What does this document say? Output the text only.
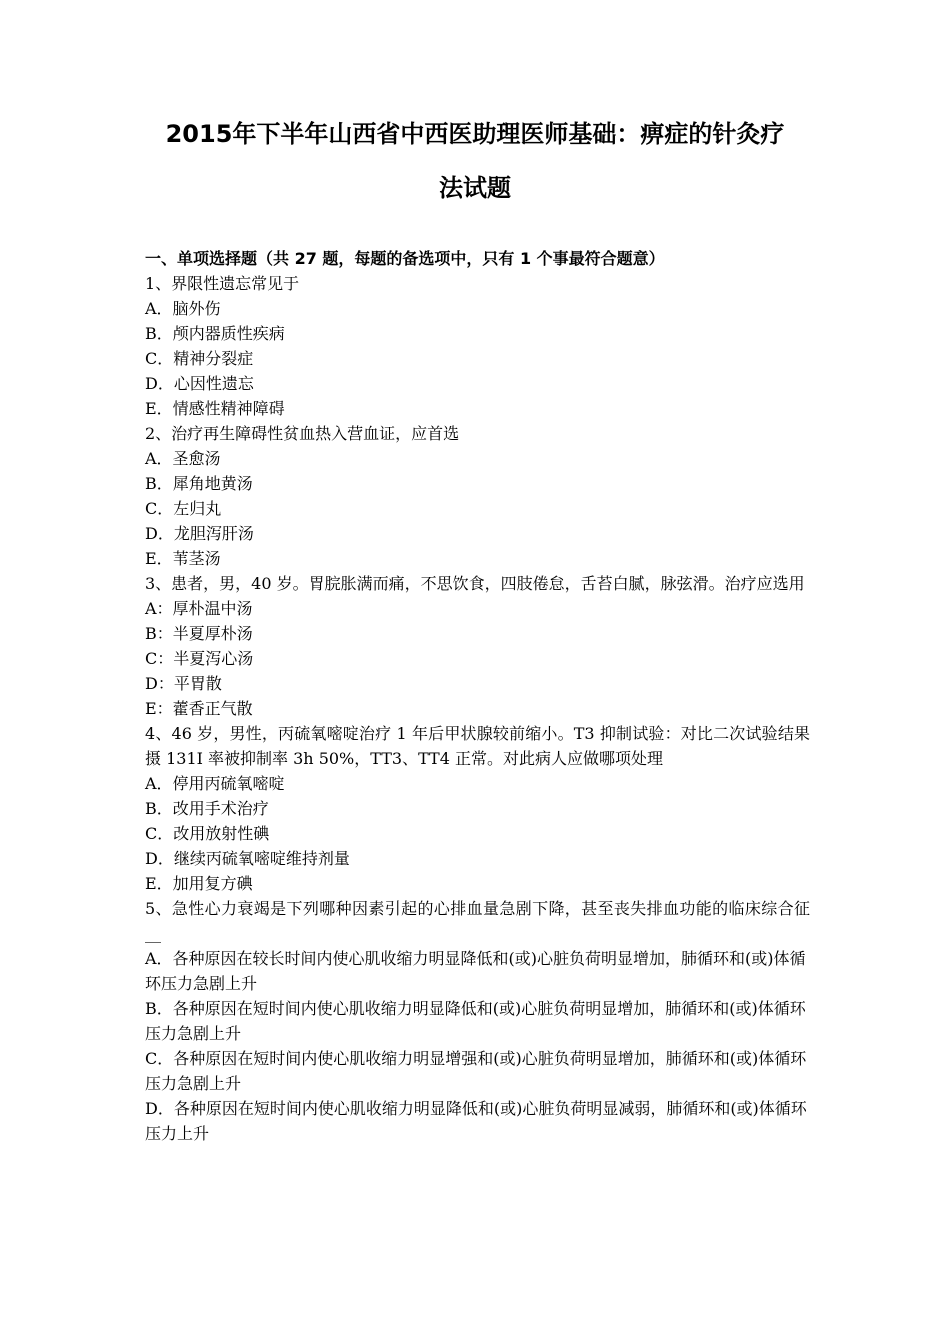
2015年下半年山西省中西医助理医师基础：痹症的针灸疗
法试题
一、单项选择题（共 27 题，每题的备选项中，只有 1 个事最符合题意）
1、界限性遗忘常见于
A．脑外伤
B．颅内器质性疾病
C．精神分裂症
D．心因性遗忘
E．情感性精神障碍
2、治疗再生障碍性贫血热入营血证，应首选
A．圣愈汤
B．犀角地黄汤
C．左归丸
D．龙胆泻肝汤
E．苇茎汤
3、患者，男，40 岁。胃脘胀满而痛，不思饮食，四肢倦怠，舌苔白腻，脉弦滑。治疗应选用
A：厚朴温中汤
B：半夏厚朴汤
C：半夏泻心汤
D：平胃散
E：藿香正气散
4、46 岁，男性，丙硫氧嘧啶治疗 1 年后甲状腺较前缩小。T3 抑制试验：对比二次试验结果摄 131I 率被抑制率 3h 50%，TT3、TT4 正常。对此病人应做哪项处理
A．停用丙硫氧嘧啶
B．改用手术治疗
C．改用放射性碘
D．继续丙硫氧嘧啶维持剂量
E．加用复方碘
5、急性心力衰竭是下列哪种因素引起的心排血量急剧下降，甚至丧失排血功能的临床综合征__
A．各种原因在较长时间内使心肌收缩力明显降低和(或)心脏负荷明显增加，肺循环和(或)体循环压力急剧上升
B．各种原因在短时间内使心肌收缩力明显降低和(或)心脏负荷明显增加，肺循环和(或)体循环压力急剧上升
C．各种原因在短时间内使心肌收缩力明显增强和(或)心脏负荷明显增加，肺循环和(或)体循环压力急剧上升
D．各种原因在短时间内使心肌收缩力明显降低和(或)心脏负荷明显减弱，肺循环和(或)体循环压力上升
